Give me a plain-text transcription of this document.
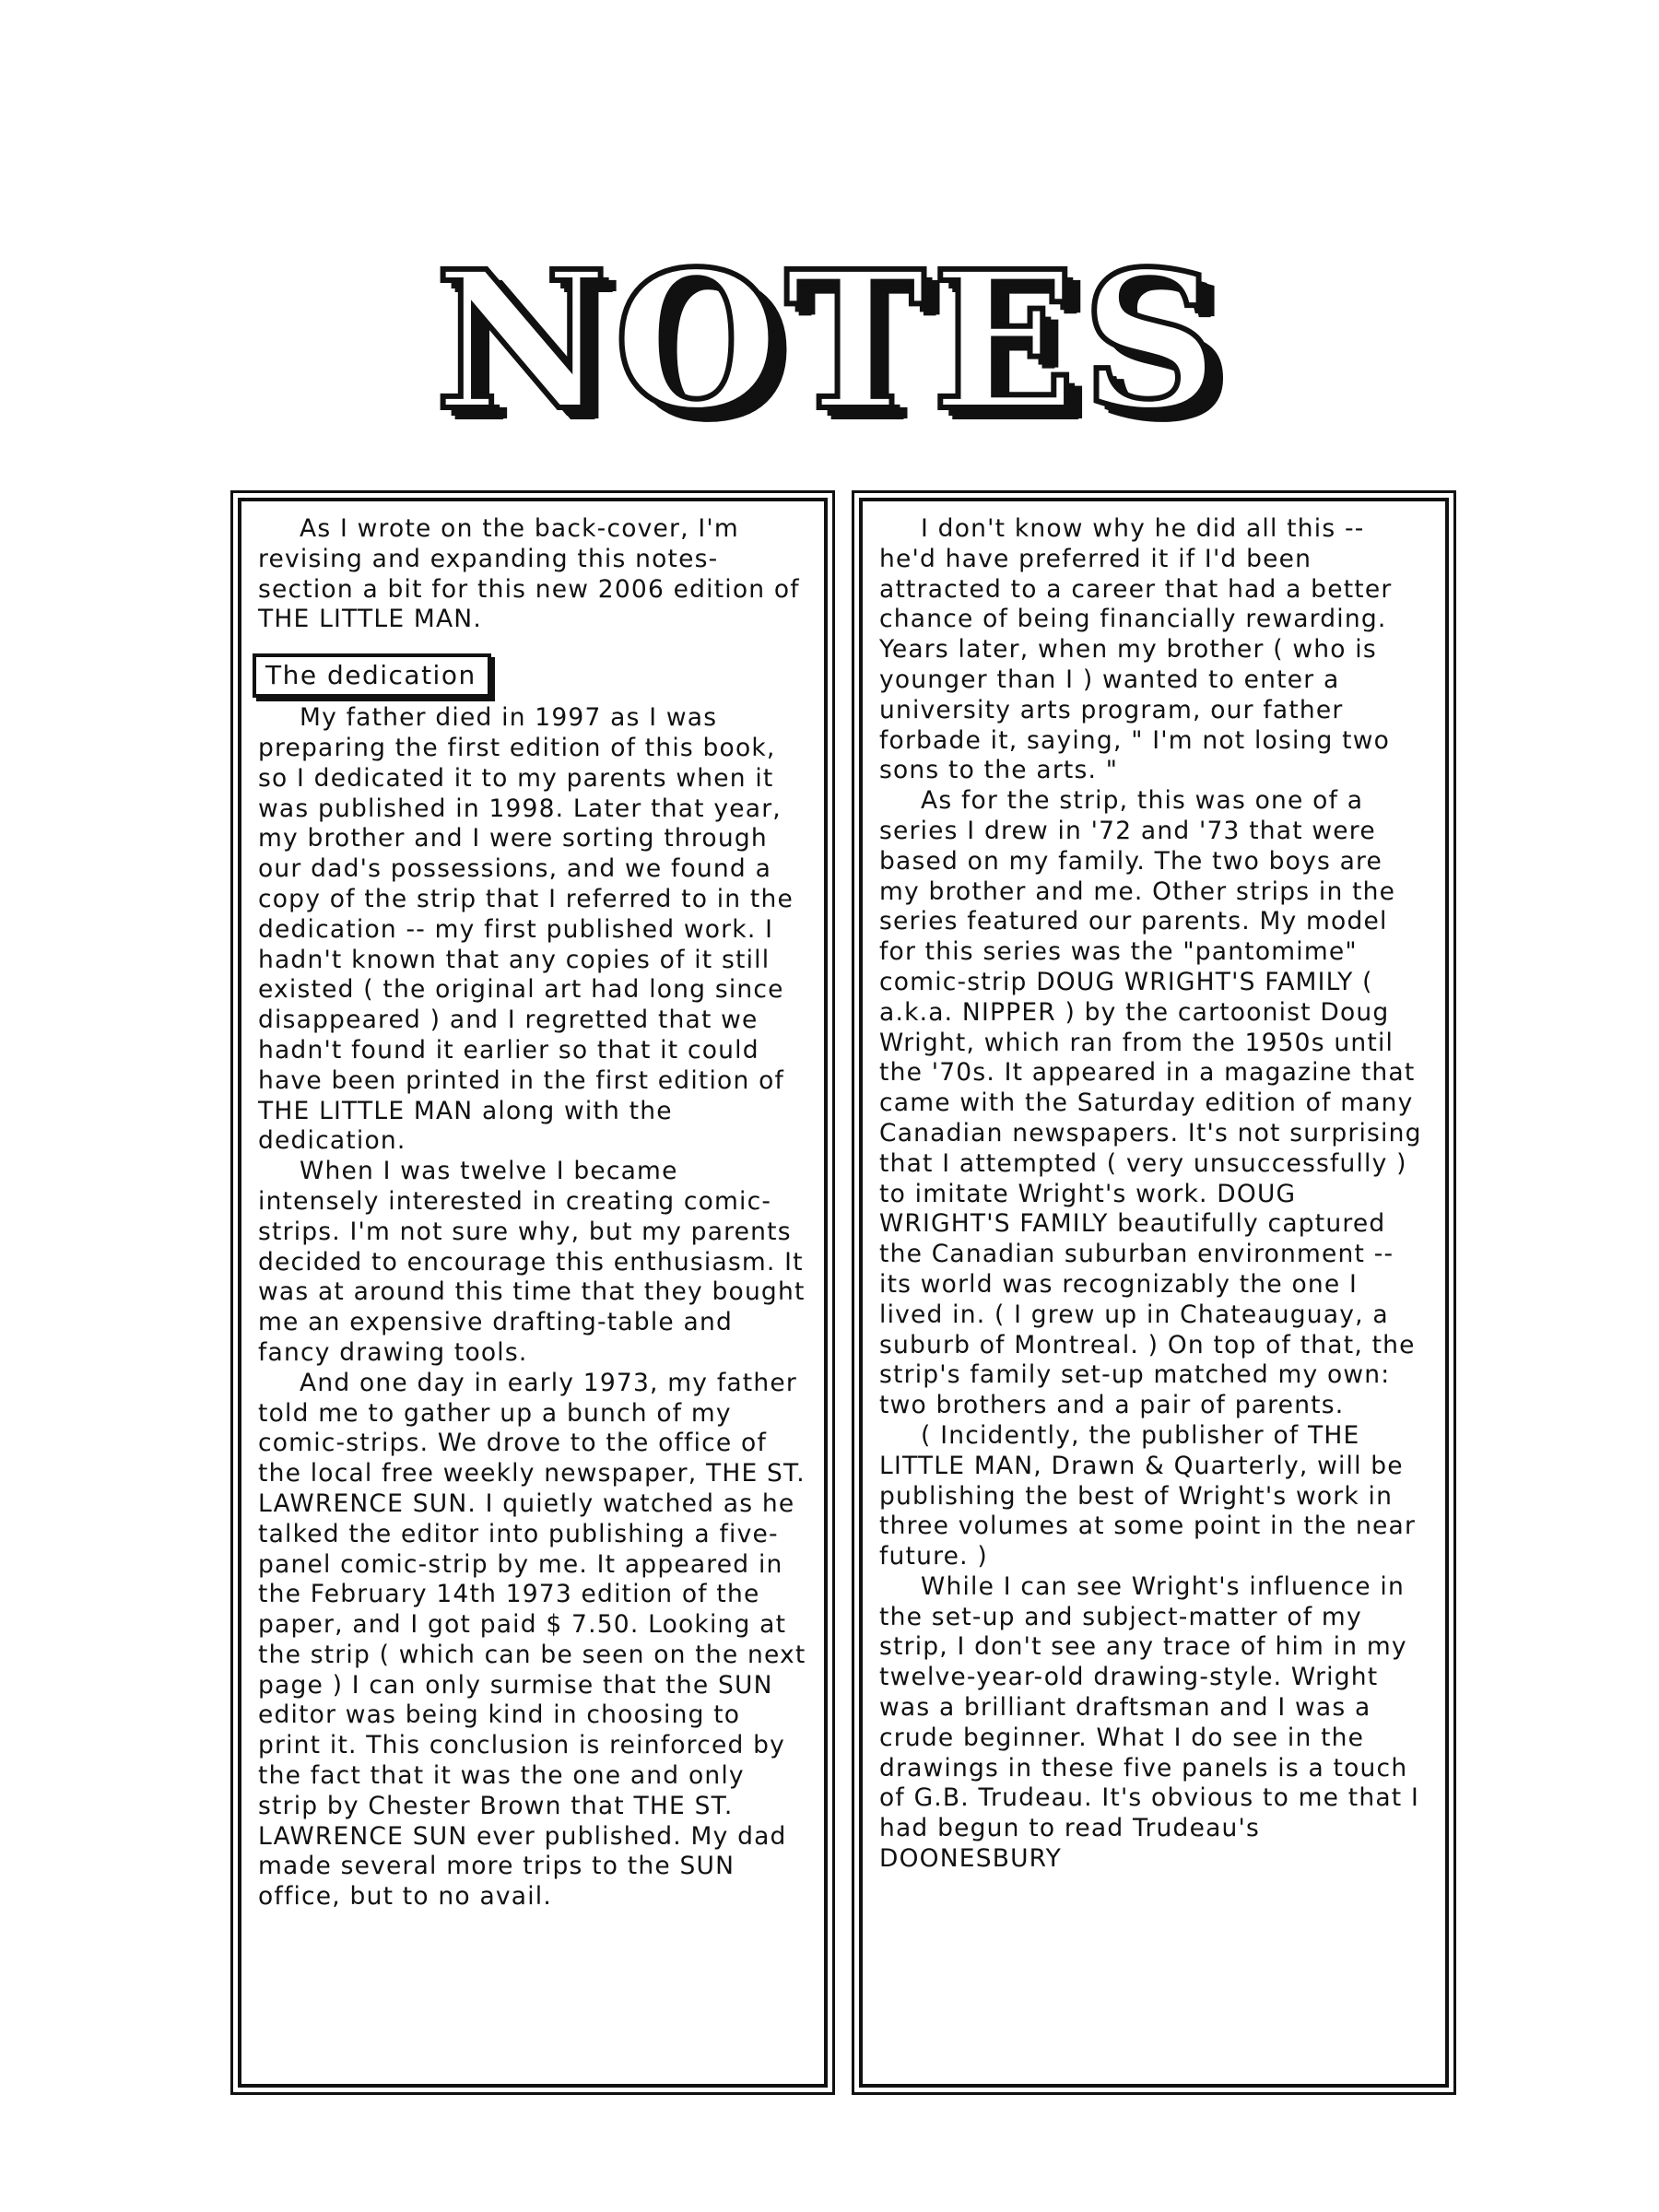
NOTES

As I wrote on the back-cover, I'm revising and expanding this notes-section a bit for this new 2006 edition of THE LITTLE MAN.

The dedication

My father died in 1997 as I was preparing the first edition of this book, so I dedicated it to my parents when it was published in 1998. Later that year, my brother and I were sorting through our dad's possessions, and we found a copy of the strip that I referred to in the dedication -- my first published work. I hadn't known that any copies of it still existed ( the original art had long since disappeared ) and I regretted that we hadn't found it earlier so that it could have been printed in the first edition of THE LITTLE MAN along with the dedication.

When I was twelve I became intensely interested in creating comic-strips. I'm not sure why, but my parents decided to encourage this enthusiasm. It was at around this time that they bought me an expensive drafting-table and fancy drawing tools.

And one day in early 1973, my father told me to gather up a bunch of my comic-strips. We drove to the office of the local free weekly newspaper, THE ST. LAWRENCE SUN. I quietly watched as he talked the editor into publishing a five-panel comic-strip by me. It appeared in the February 14th 1973 edition of the paper, and I got paid $ 7.50. Looking at the strip ( which can be seen on the next page ) I can only surmise that the SUN editor was being kind in choosing to print it. This conclusion is reinforced by the fact that it was the one and only strip by Chester Brown that THE ST. LAWRENCE SUN ever published. My dad made several more trips to the SUN office, but to no avail.

I don't know why he did all this -- he'd have preferred it if I'd been attracted to a career that had a better chance of being financially rewarding. Years later, when my brother ( who is younger than I ) wanted to enter a university arts program, our father forbade it, saying, " I'm not losing two sons to the arts. "

As for the strip, this was one of a series I drew in '72 and '73 that were based on my family. The two boys are my brother and me. Other strips in the series featured our parents. My model for this series was the "pantomime" comic-strip DOUG WRIGHT'S FAMILY ( a.k.a. NIPPER ) by the cartoonist Doug Wright, which ran from the 1950s until the '70s. It appeared in a magazine that came with the Saturday edition of many Canadian newspapers. It's not surprising that I attempted ( very unsuccessfully ) to imitate Wright's work. DOUG WRIGHT'S FAMILY beautifully captured the Canadian suburban environment -- its world was recognizably the one I lived in. ( I grew up in Chateauguay, a suburb of Montreal. ) On top of that, the strip's family set-up matched my own: two brothers and a pair of parents.

( Incidently, the publisher of THE LITTLE MAN, Drawn & Quarterly, will be publishing the best of Wright's work in three volumes at some point in the near future. )

While I can see Wright's influence in the set-up and subject-matter of my strip, I don't see any trace of him in my twelve-year-old drawing-style. Wright was a brilliant draftsman and I was a crude beginner. What I do see in the drawings in these five panels is a touch of G.B. Trudeau. It's obvious to me that I had begun to read Trudeau's DOONESBURY
